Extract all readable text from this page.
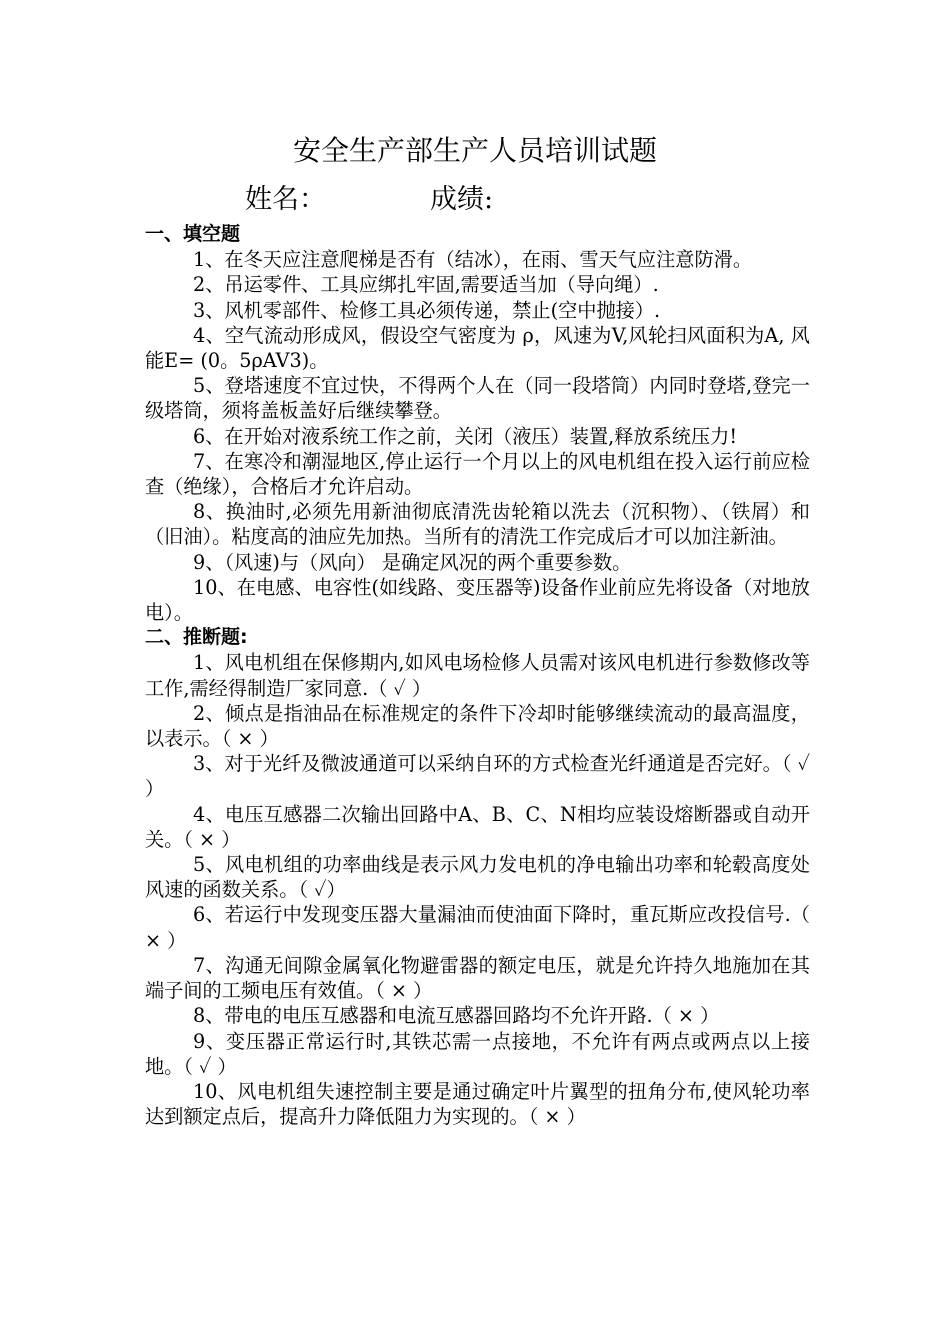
安全生产部生产人员培训试题
姓名：	成绩:

一、填空题

1、在冬天应注意爬梯是否有（结冰），在雨、雪天气应注意防滑。

2、吊运零件、工具应绑扎牢固,需要适当加（导向绳）.

3、风机零部件、检修工具必须传递，禁止(空中抛接）.

4、空气流动形成风，假设空气密度为 ρ，风速为V,风轮扫风面积为A, 风能E= (0。5ρAV3)。

5、登塔速度不宜过快，不得两个人在（同一段塔筒）内同时登塔,登完一级塔筒，须将盖板盖好后继续攀登。

6、在开始对液系统工作之前，关闭（液压）装置,释放系统压力!

7、在寒冷和潮湿地区,停止运行一个月以上的风电机组在投入运行前应检查（绝缘），合格后才允许启动。

8、换油时,必须先用新油彻底清洗齿轮箱以洗去（沉积物）、（铁屑）和（旧油）。粘度高的油应先加热。当所有的清洗工作完成后才可以加注新油。

9、（风速)与（风向） 是确定风况的两个重要参数。

10、在电感、电容性(如线路、变压器等)设备作业前应先将设备（对地放电）。

二、推断题:

1、风电机组在保修期内,如风电场检修人员需对该风电机进行参数修改等工作,需经得制造厂家同意.（ ✓ ）

2、倾点是指油品在标准规定的条件下冷却时能够继续流动的最高温度，以表示。（ × ）

3、对于光纤及微波通道可以采纳自环的方式检查光纤通道是否完好。（ ✓ ）

4、电压互感器二次输出回路中A、B、C、N相均应装设熔断器或自动开关。（ × ）

5、风电机组的功率曲线是表示风力发电机的净电输出功率和轮毂高度处风速的函数关系。（ ✓）

6、若运行中发现变压器大量漏油而使油面下降时，重瓦斯应改投信号.（ × ）

7、沟通无间隙金属氧化物避雷器的额定电压，就是允许持久地施加在其端子间的工频电压有效值。（ × ）

8、带电的电压互感器和电流互感器回路均不允许开路.（ × ）

9、变压器正常运行时,其铁芯需一点接地，不允许有两点或两点以上接地。（ ✓ ）

10、风电机组失速控制主要是通过确定叶片翼型的扭角分布,使风轮功率达到额定点后，提高升力降低阻力为实现的。（ × ）
